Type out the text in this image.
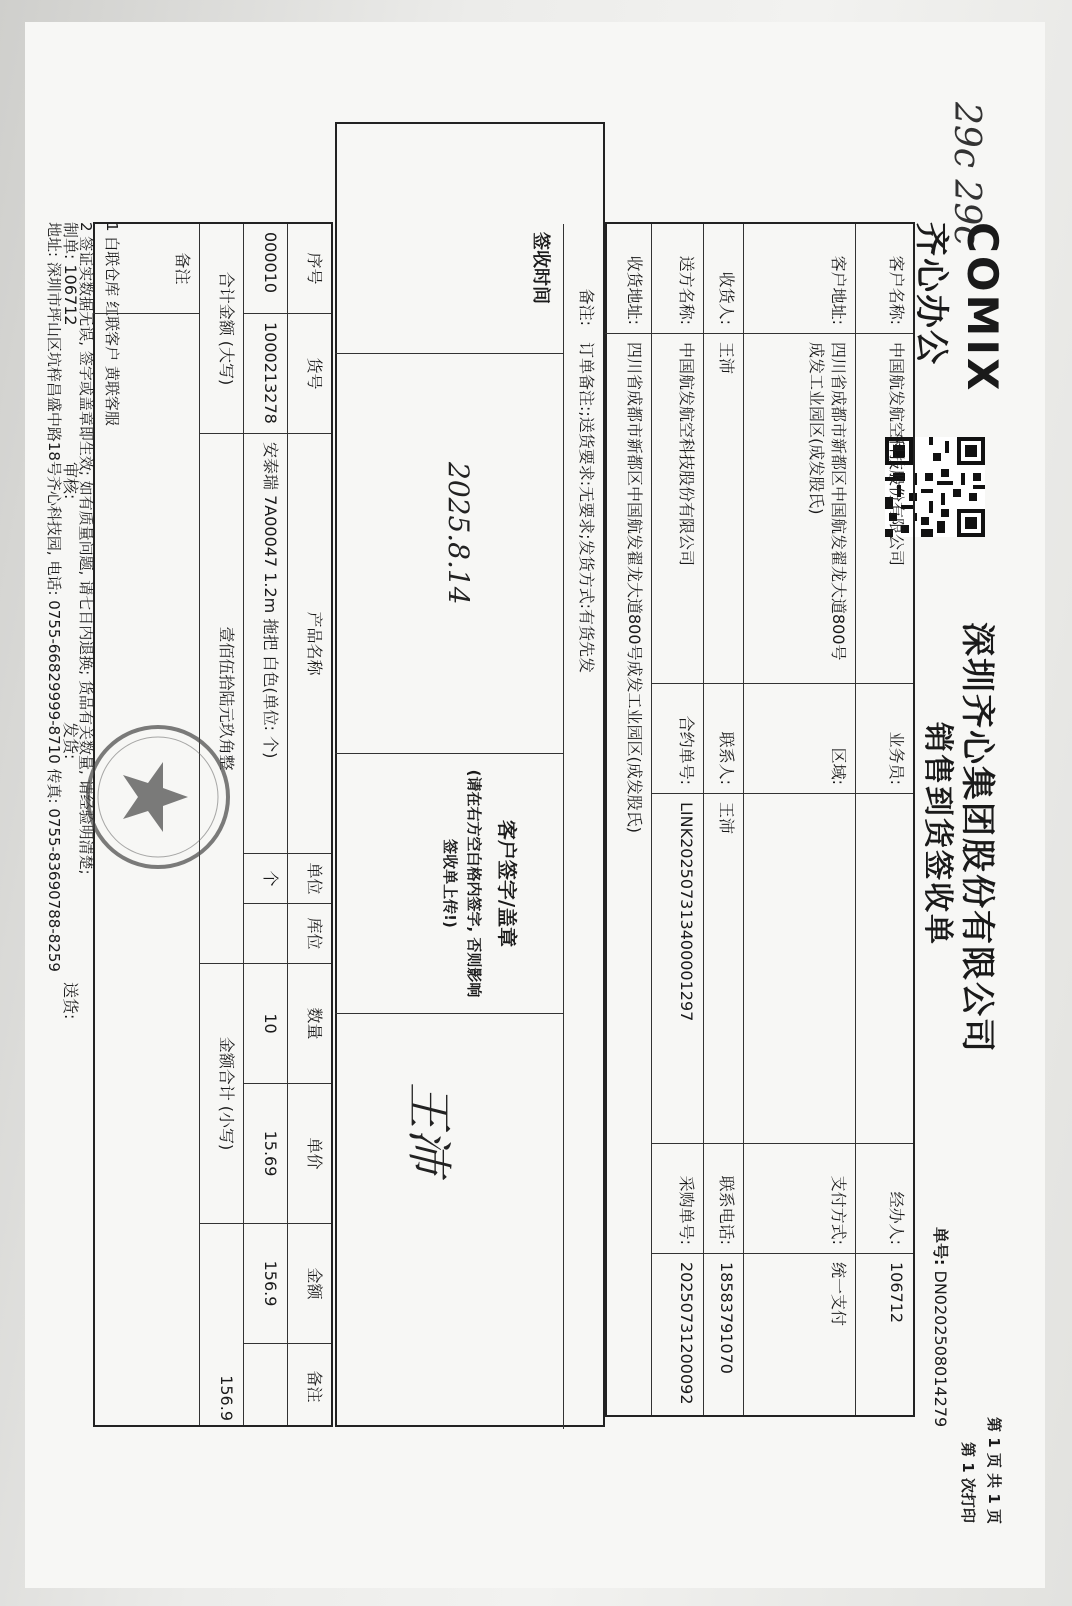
29c 29c
COMIX
齐心办公
深圳齐心集团股份有限公司
销售到货签收单
第 1 页 共 1 页
第 1 次打印
单号: DN0202508014279
客户名称:
中国航发航空科技股份有限公司
业务员:
经办人:
106712
客户地址:
四川省成都市新都区中国航发翟龙大道800号成发工业园区(成发股氏)
区域:
支付方式:
统一支付
收货人:
王沛
联系人:
王沛
联系电话:
18583791070
送方名称:
中国航发航空科技股份有限公司
合约单号:
LINK202507313400001297
采购单号:
20250731200092
收货地址:
四川省成都市新都区中国航发翟龙大道800号成发工业园区(成发股氏)
备注:
订单备注:;送货要求:无要求;发货方式:有货先发
签收时间
客户签字/盖章
(请在右方空白格内签字, 否则影响签收单上传!)
2025.8.14
王沛
序号
货号
产品名称
单位
库位
数量
单价
金额
备注
000010
1000213278
安泰瑞 7A00047 1.2m 拖把 白色(单位: 个)
个
10
15.69
156.9
合计金额 (大写)
壹佰伍拾陆元玖角整
金额合计 (小写)
156.9
备注
制单: 106712
审核:
发货:
送货:
1 白联仓库 红联客户 黄联客服
2 签证实数据无误, 签字或盖章即生效; 如有质量问题, 请七日内退换; 货品有关数量, 请经验明清楚;
地址: 深圳市坪山区坑梓昌盛中路18号齐心科技园, 电话: 0755-66829999-8710 传真: 0755-83690788-8259
